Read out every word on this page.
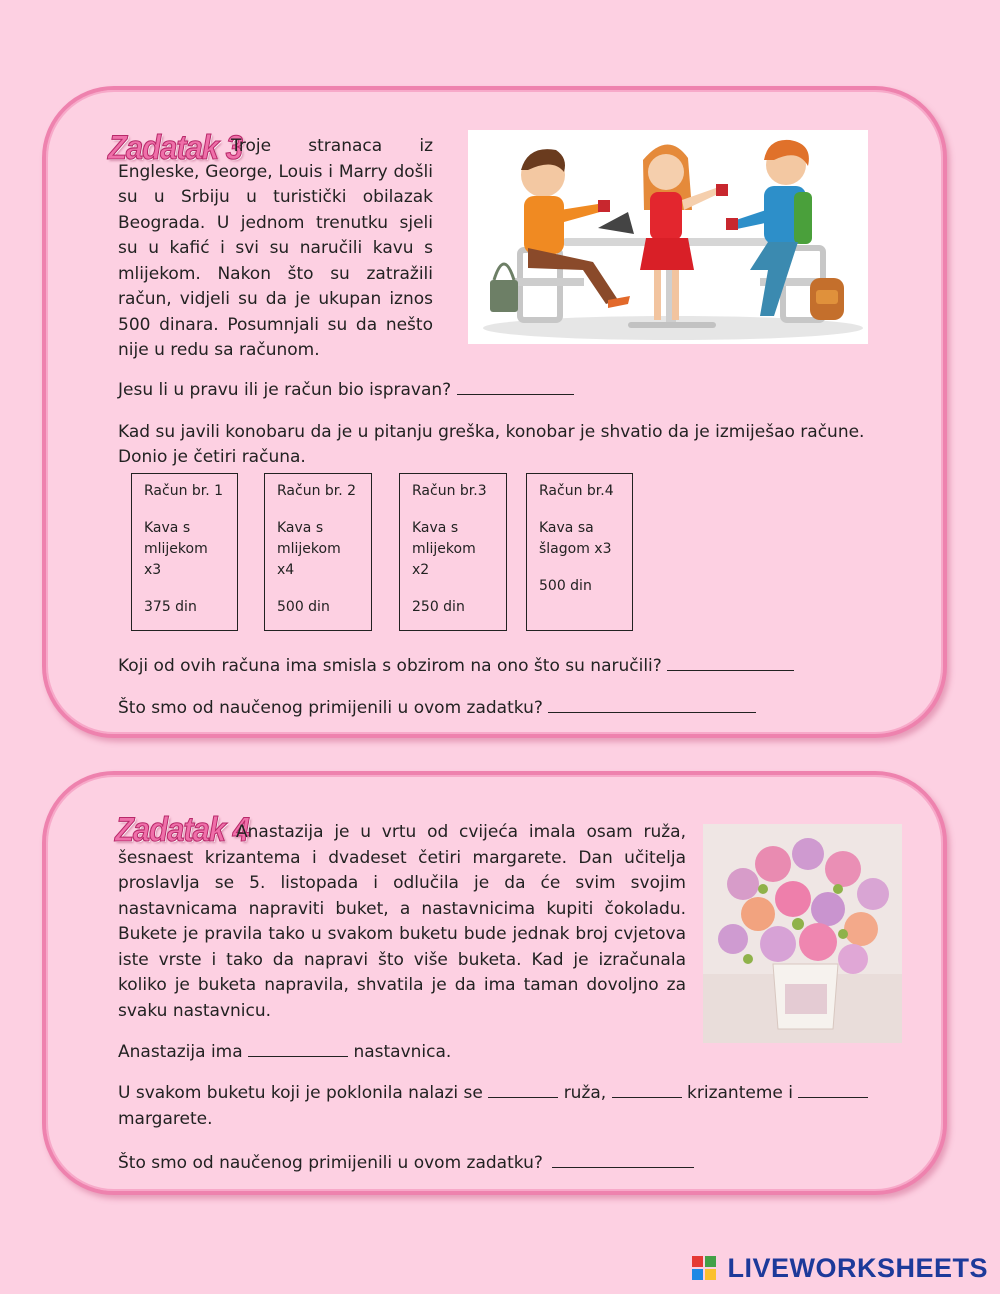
Zadatak 3

Troje stranaca iz Engleske, George, Louis i Marry došli su u Srbiju u turistički obilazak Beograda. U jednom trenutku sjeli su u kafić i svi su naručili kavu s mlijekom. Nakon što su zatražili račun, vidjeli su da je ukupan iznos 500 dinara. Posumnjali su da nešto nije u redu sa računom.

Jesu li u pravu ili je račun bio ispravan?

Kad su javili konobaru da je u pitanju greška, konobar je shvatio da je izmiješao račune.

Donio je četiri računa.

Račun br. 1

Kava s mlijekom x3

375 din

Račun br. 2

Kava s mlijekom x4

500 din

Račun br.3

Kava s mlijekom x2

250 din

Račun br.4

Kava sa šlagom x3

500 din

Koji od ovih računa ima smisla s obzirom na ono što su naručili?

Što smo od naučenog primijenili u ovom zadatku?

Zadatak 4

Anastazija je u vrtu od cvijeća imala osam ruža, šesnaest krizantema i dvadeset četiri margarete. Dan učitelja proslavlja se 5. listopada i odlučila je da će svim svojim nastavnicama napraviti buket, a nastavnicima kupiti čokoladu. Bukete je pravila tako u svakom buketu bude jednak broj cvjetova iste vrste i tako da napravi što više buketa. Kad je izračunala koliko je buketa napravila, shvatila je da ima taman dovoljno za svaku nastavnicu.

Anastazija ima	nastavnica.

U svakom buketu koji je poklonila nalazi se	ruža,	krizanteme i

margarete.

Što smo od naučenog primijenili u ovom zadatku?

LIVEWORKSHEETS
